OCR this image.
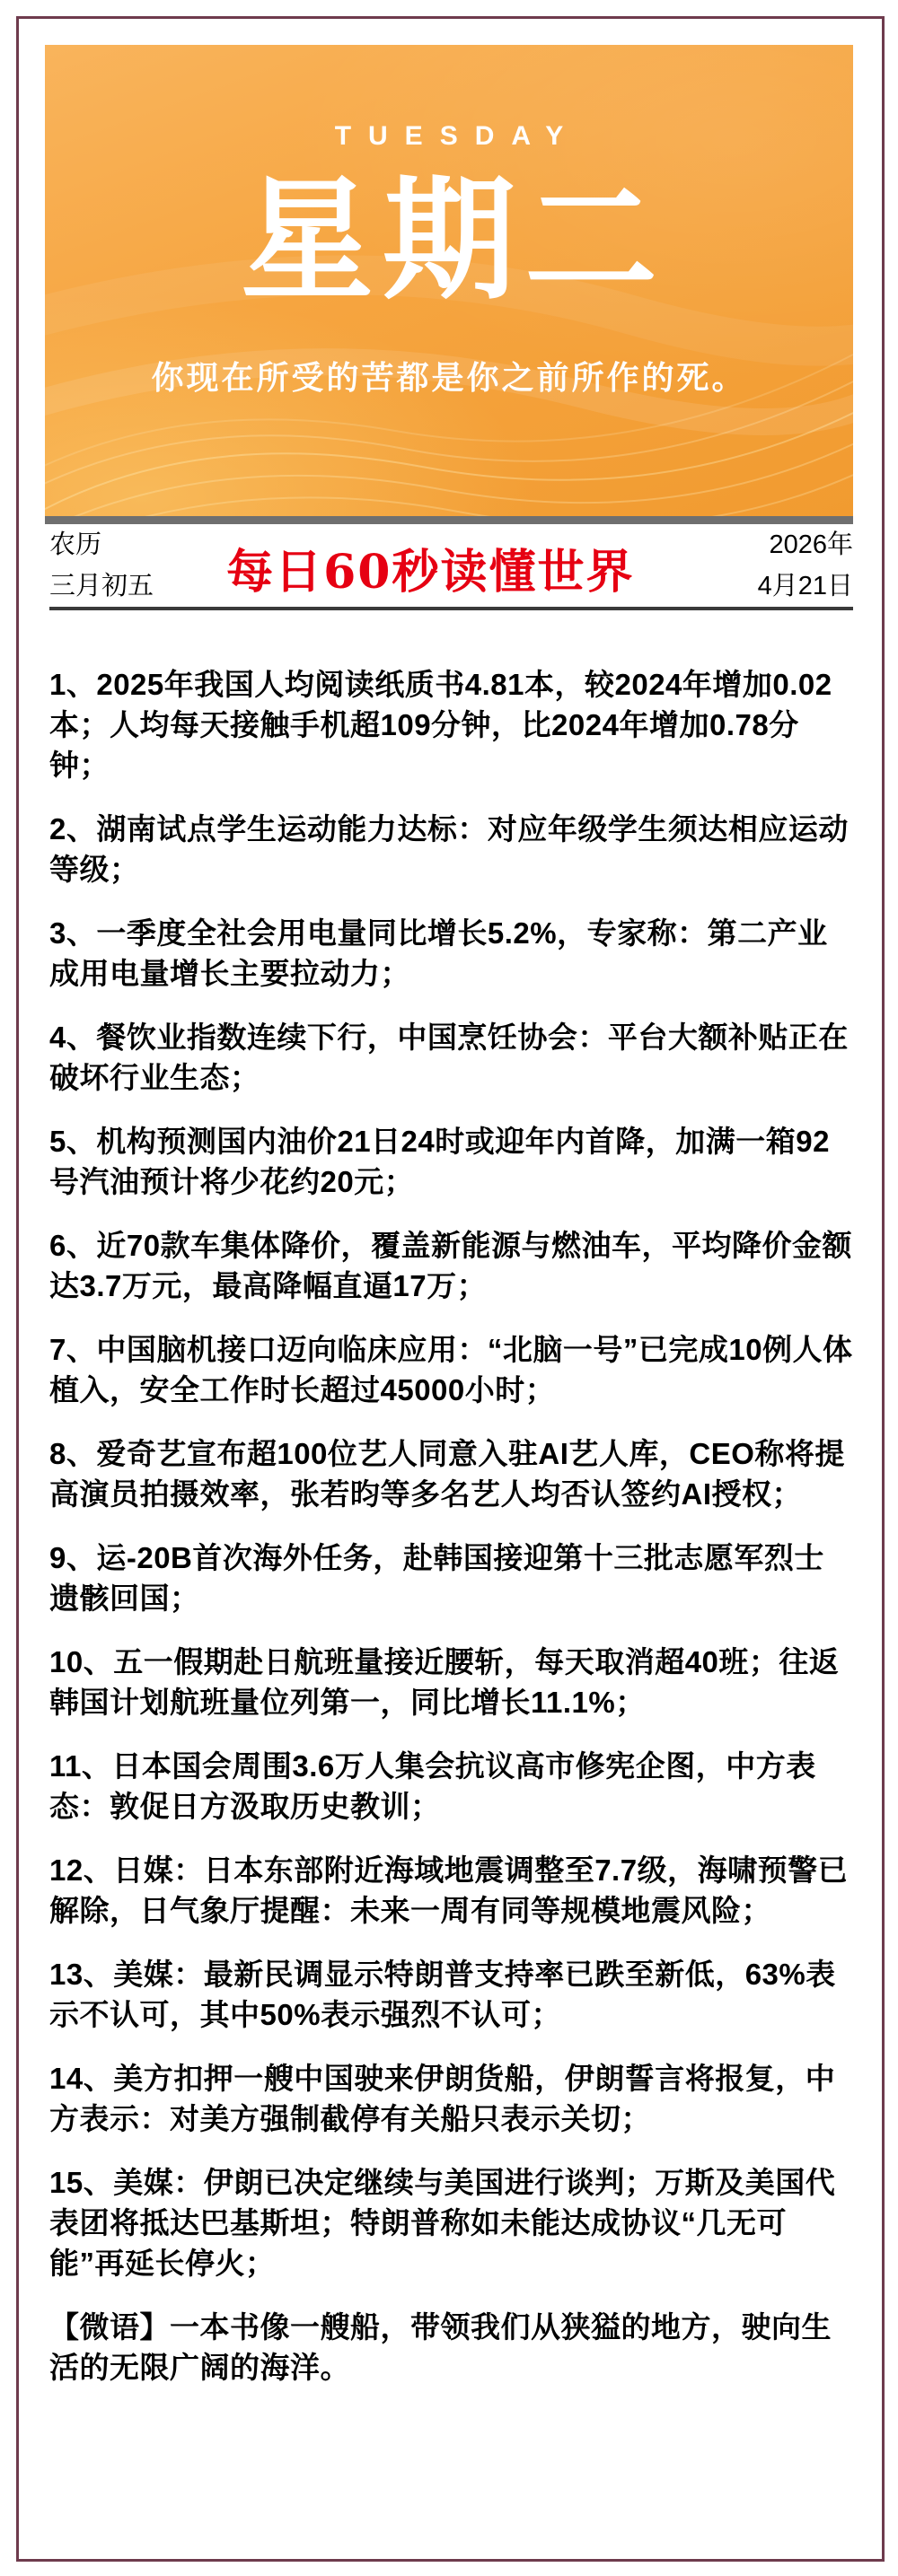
TUESDAY
星期二
你现在所受的苦都是你之前所作的死。
农历
三月初五 每日60秒读懂世界	2026年
4月21日

1、2025年我国人均阅读纸质书4.81本，较2024年增加0.02本；人均每天接触手机超109分钟，比2024年增加0.78分钟；

2、湖南试点学生运动能力达标：对应年级学生须达相应运动等级；

3、一季度全社会用电量同比增长5.2%，专家称：第二产业成用电量增长主要拉动力；

4、餐饮业指数连续下行，中国烹饪协会：平台大额补贴正在破坏行业生态；

5、机构预测国内油价21日24时或迎年内首降，加满一箱92号汽油预计将少花约20元；

6、近70款车集体降价，覆盖新能源与燃油车，平均降价金额达3.7万元，最高降幅直逼17万；

7、中国脑机接口迈向临床应用：“北脑一号”已完成10例人体植入，安全工作时长超过45000小时；

8、爱奇艺宣布超100位艺人同意入驻AI艺人库，CEO称将提高演员拍摄效率，张若昀等多名艺人均否认签约AI授权；

9、运-20B首次海外任务，赴韩国接迎第十三批志愿军烈士遗骸回国；

10、五一假期赴日航班量接近腰斩，每天取消超40班；往返韩国计划航班量位列第一，同比增长11.1%；

11、日本国会周围3.6万人集会抗议高市修宪企图，中方表态：敦促日方汲取历史教训；

12、日媒：日本东部附近海域地震调整至7.7级，海啸预警已解除，日气象厅提醒：未来一周有同等规模地震风险；

13、美媒：最新民调显示特朗普支持率已跌至新低，63%表示不认可，其中50%表示强烈不认可；

14、美方扣押一艘中国驶来伊朗货船，伊朗誓言将报复，中方表示：对美方强制截停有关船只表示关切；

15、美媒：伊朗已决定继续与美国进行谈判；万斯及美国代表团将抵达巴基斯坦；特朗普称如未能达成协议“几无可能”再延长停火；

【微语】一本书像一艘船，带领我们从狭獈的地方，驶向生活的无限广阔的海洋。
